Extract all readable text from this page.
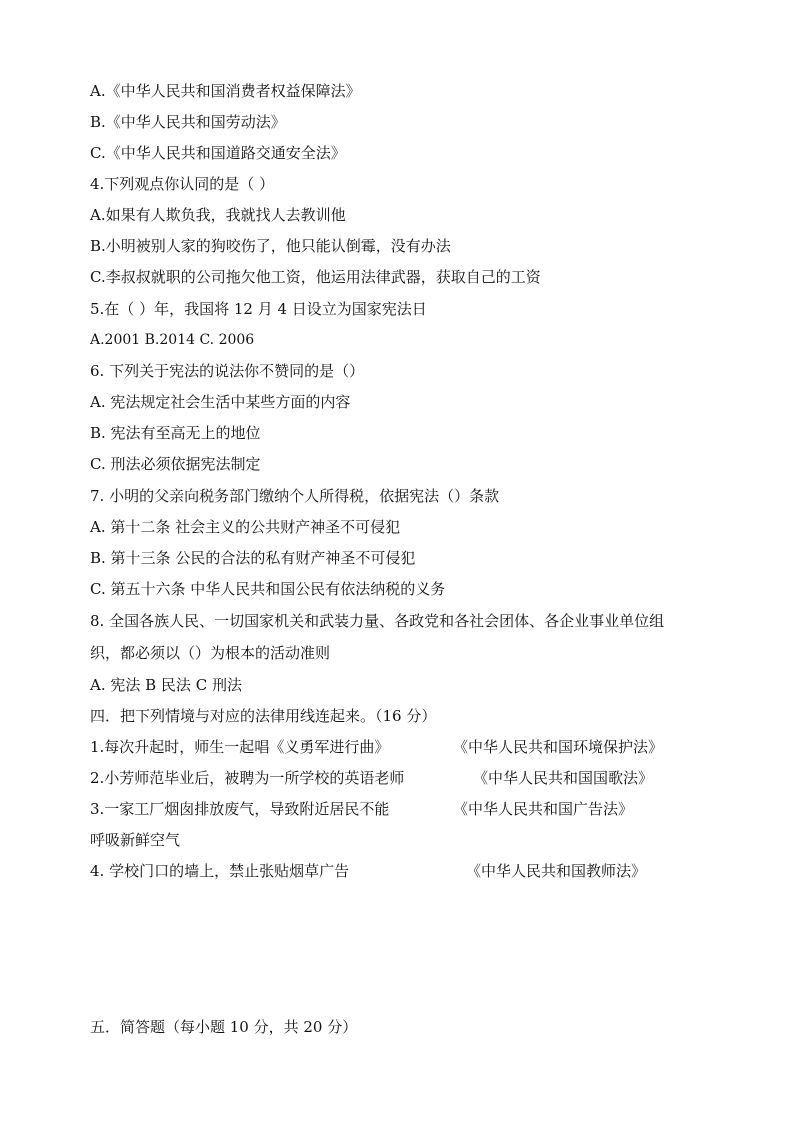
A.《中华人民共和国消费者权益保障法》
B.《中华人民共和国劳动法》
C.《中华人民共和国道路交通安全法》
4.下列观点你认同的是（ ）
A.如果有人欺负我，我就找人去教训他
B.小明被别人家的狗咬伤了，他只能认倒霉，没有办法
C.李叔叔就职的公司拖欠他工资，他运用法律武器，获取自己的工资
5.在（ ）年，我国将 12 月 4 日设立为国家宪法日
A.2001 B.2014 C. 2006
6. 下列关于宪法的说法你不赞同的是（）
A. 宪法规定社会生活中某些方面的内容
B. 宪法有至高无上的地位
C. 刑法必须依据宪法制定
7. 小明的父亲向税务部门缴纳个人所得税，依据宪法（）条款
A. 第十二条 社会主义的公共财产神圣不可侵犯
B. 第十三条 公民的合法的私有财产神圣不可侵犯
C. 第五十六条 中华人民共和国公民有依法纳税的义务
8. 全国各族人民、一切国家机关和武装力量、各政党和各社会团体、各企业事业单位组
织，都必须以（）为根本的活动准则
A. 宪法 B 民法 C 刑法
四．把下列情境与对应的法律用线连起来。（16 分）
1.每次升起时，师生一起唱《义勇军进行曲》	《中华人民共和国环境保护法》
2.小芳师范毕业后，被聘为一所学校的英语老师	《中华人民共和国国歌法》
3.一家工厂烟囱排放废气，导致附近居民不能	《中华人民共和国广告法》
呼吸新鲜空气
4. 学校门口的墙上，禁止张贴烟草广告	《中华人民共和国教师法》
五．简答题（每小题 10 分，共 20 分）
